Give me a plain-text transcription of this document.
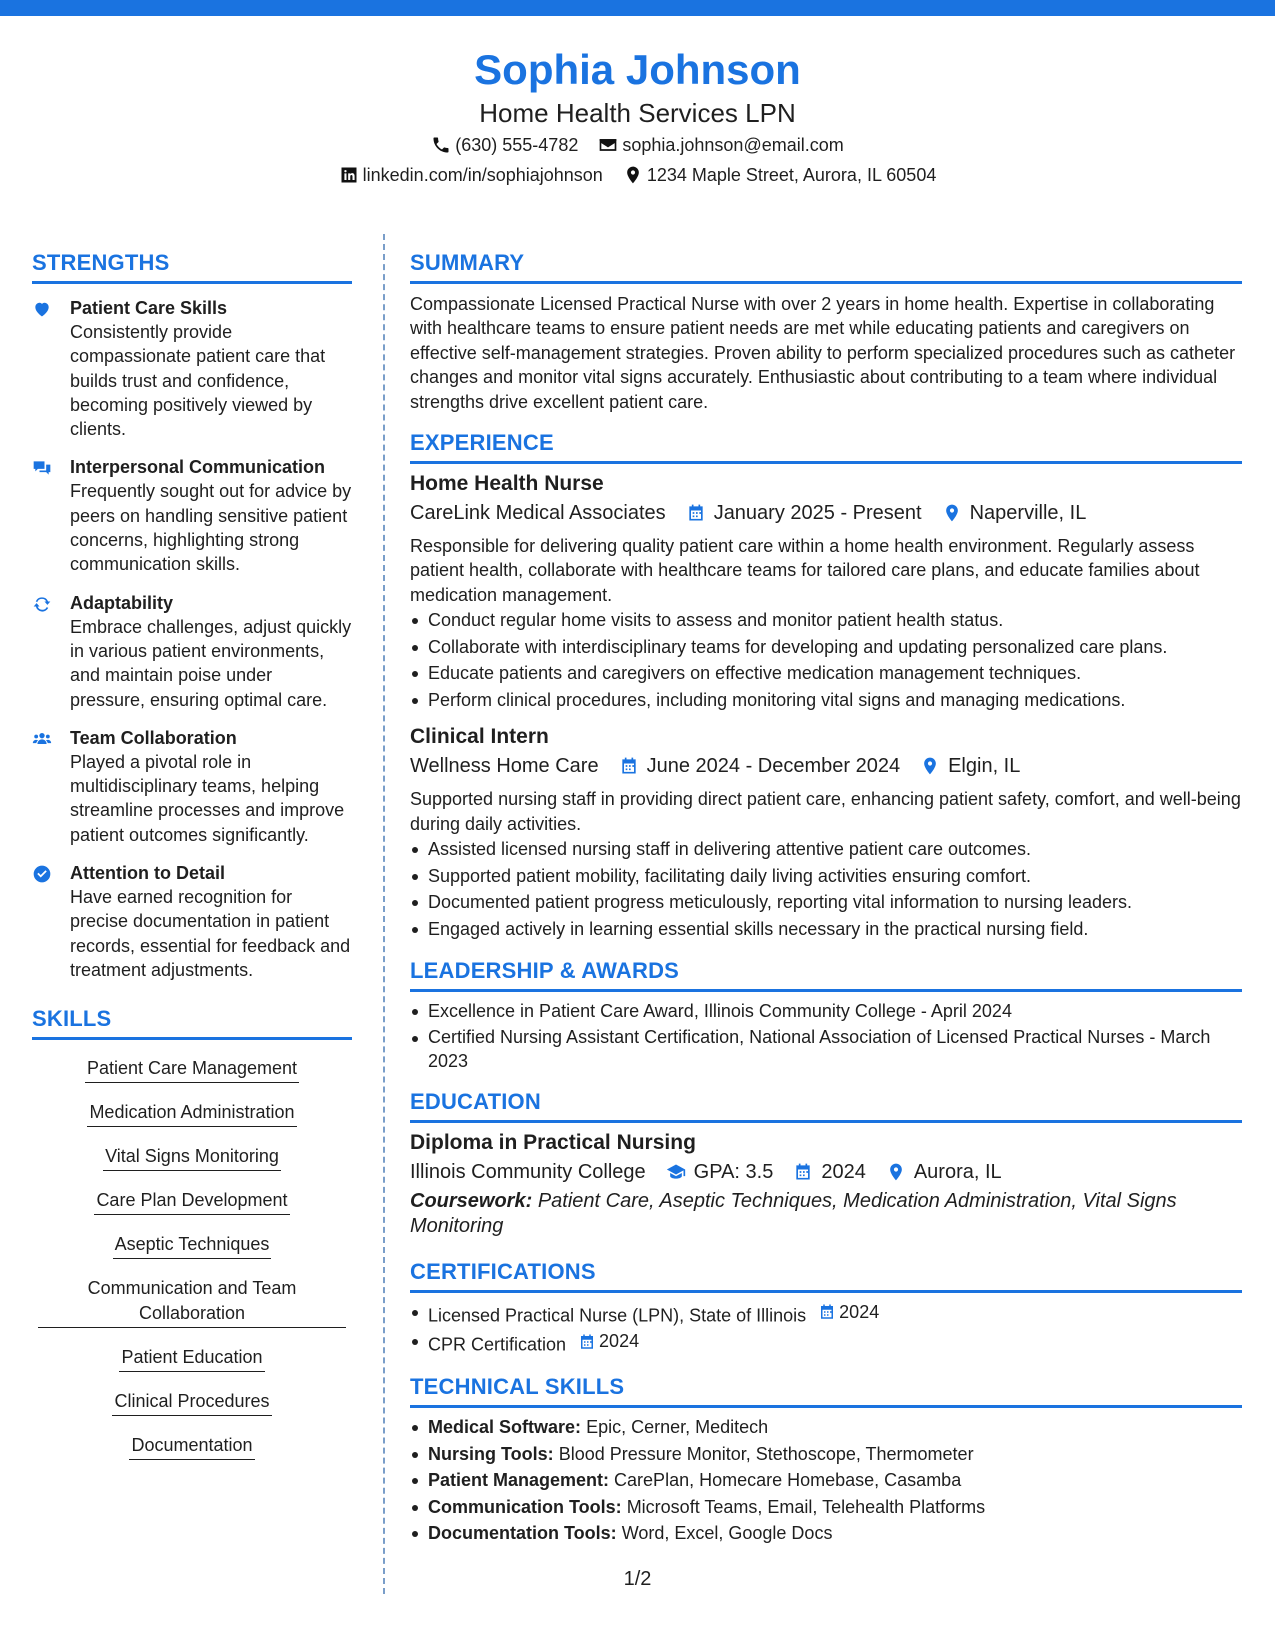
Sophia Johnson
Home Health Services LPN
(630) 555-4782 sophia.johnson@email.com
linkedin.com/in/sophiajohnson 1234 Maple Street, Aurora, IL 60504
STRENGTHS
Patient Care Skills
Consistently provide compassionate patient care that builds trust and confidence, becoming positively viewed by clients.
Interpersonal Communication
Frequently sought out for advice by peers on handling sensitive patient concerns, highlighting strong communication skills.
Adaptability
Embrace challenges, adjust quickly in various patient environments, and maintain poise under pressure, ensuring optimal care.
Team Collaboration
Played a pivotal role in multidisciplinary teams, helping streamline processes and improve patient outcomes significantly.
Attention to Detail
Have earned recognition for precise documentation in patient records, essential for feedback and treatment adjustments.
SKILLS
Patient Care Management
Medication Administration
Vital Signs Monitoring
Care Plan Development
Aseptic Techniques
Communication and Team Collaboration
Patient Education
Clinical Procedures
Documentation
SUMMARY
Compassionate Licensed Practical Nurse with over 2 years in home health. Expertise in collaborating with healthcare teams to ensure patient needs are met while educating patients and caregivers on effective self-management strategies. Proven ability to perform specialized procedures such as catheter changes and monitor vital signs accurately. Enthusiastic about contributing to a team where individual strengths drive excellent patient care.
EXPERIENCE
Home Health Nurse
CareLink Medical Associates January 2025 - Present Naperville, IL
Responsible for delivering quality patient care within a home health environment. Regularly assess patient health, collaborate with healthcare teams for tailored care plans, and educate families about medication management.
Conduct regular home visits to assess and monitor patient health status.
Collaborate with interdisciplinary teams for developing and updating personalized care plans.
Educate patients and caregivers on effective medication management techniques.
Perform clinical procedures, including monitoring vital signs and managing medications.
Clinical Intern
Wellness Home Care June 2024 - December 2024 Elgin, IL
Supported nursing staff in providing direct patient care, enhancing patient safety, comfort, and well-being during daily activities.
Assisted licensed nursing staff in delivering attentive patient care outcomes.
Supported patient mobility, facilitating daily living activities ensuring comfort.
Documented patient progress meticulously, reporting vital information to nursing leaders.
Engaged actively in learning essential skills necessary in the practical nursing field.
LEADERSHIP & AWARDS
Excellence in Patient Care Award, Illinois Community College - April 2024
Certified Nursing Assistant Certification, National Association of Licensed Practical Nurses - March 2023
EDUCATION
Diploma in Practical Nursing
Illinois Community College GPA: 3.5 2024 Aurora, IL
Coursework: Patient Care, Aseptic Techniques, Medication Administration, Vital Signs Monitoring
CERTIFICATIONS
Licensed Practical Nurse (LPN), State of Illinois 2024
CPR Certification 2024
TECHNICAL SKILLS
Medical Software: Epic, Cerner, Meditech
Nursing Tools: Blood Pressure Monitor, Stethoscope, Thermometer
Patient Management: CarePlan, Homecare Homebase, Casamba
Communication Tools: Microsoft Teams, Email, Telehealth Platforms
Documentation Tools: Word, Excel, Google Docs
1/2
